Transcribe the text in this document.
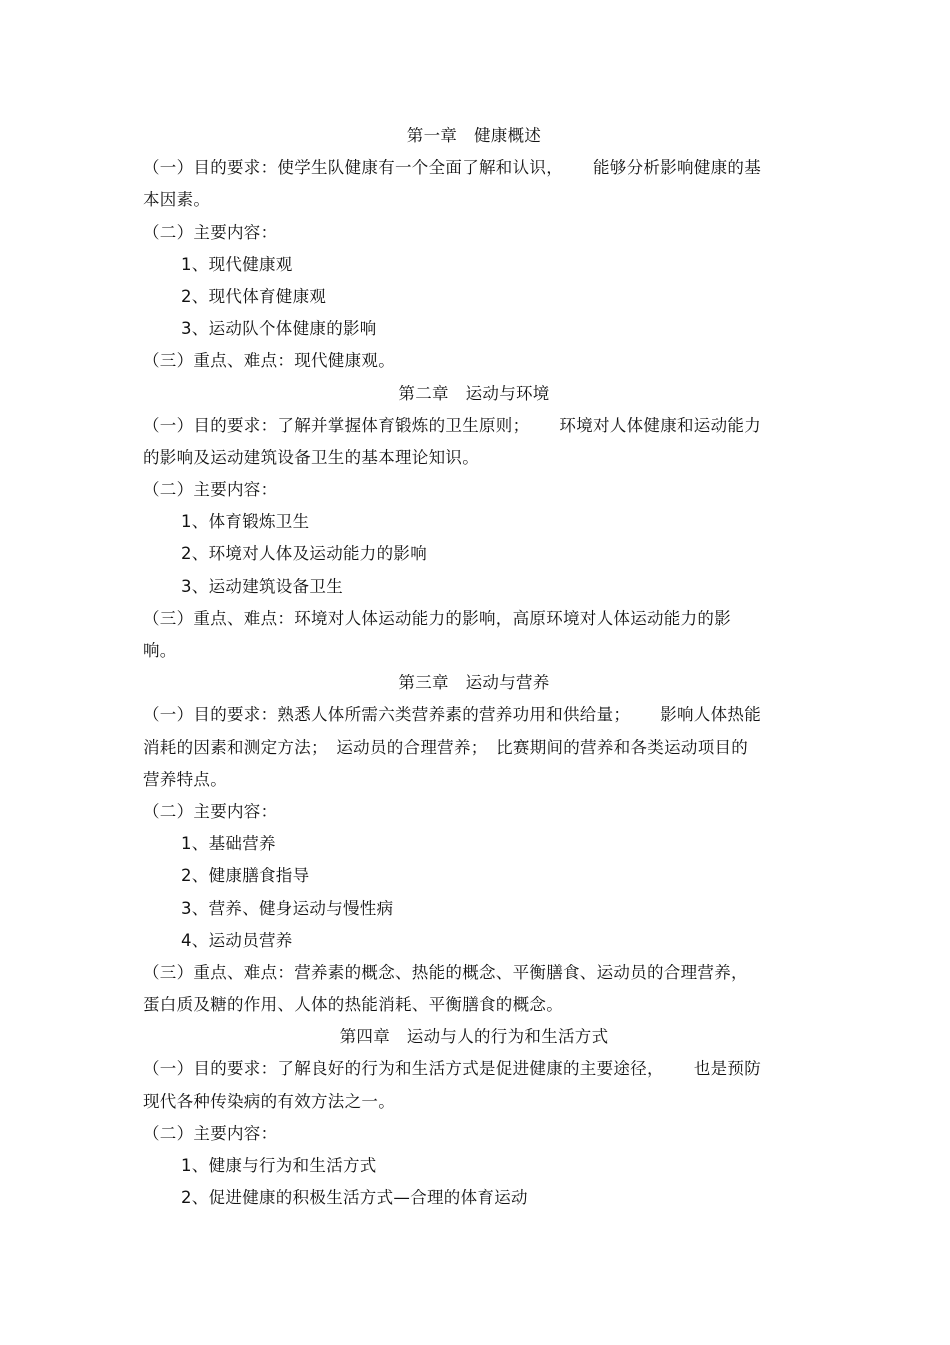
第一章　健康概述
（一）目的要求：使学生队健康有一个全面了解和认识， 能够分析影响健康的基
本因素。
（二）主要内容：
1、现代健康观
2、现代体育健康观
3、运动队个体健康的影响
（三）重点、难点：现代健康观。
第二章　运动与环境
（一）目的要求：了解并掌握体育锻炼的卫生原则； 环境对人体健康和运动能力
的影响及运动建筑设备卫生的基本理论知识。
（二）主要内容：
1、体育锻炼卫生
2、环境对人体及运动能力的影响
3、运动建筑设备卫生
（三）重点、难点：环境对人体运动能力的影响，高原环境对人体运动能力的影
响。
第三章　运动与营养
（一）目的要求：熟悉人体所需六类营养素的营养功用和供给量； 影响人体热能
消耗的因素和测定方法；　运动员的合理营养；　比赛期间的营养和各类运动项目的
营养特点。
（二）主要内容：
1、基础营养
2、健康膳食指导
3、营养、健身运动与慢性病
4、运动员营养
（三）重点、难点：营养素的概念、热能的概念、平衡膳食、运动员的合理营养，
蛋白质及糖的作用、人体的热能消耗、平衡膳食的概念。
第四章　运动与人的行为和生活方式
（一）目的要求：了解良好的行为和生活方式是促进健康的主要途径， 也是预防
现代各种传染病的有效方法之一。
（二）主要内容：
1、健康与行为和生活方式
2、促进健康的积极生活方式—合理的体育运动
